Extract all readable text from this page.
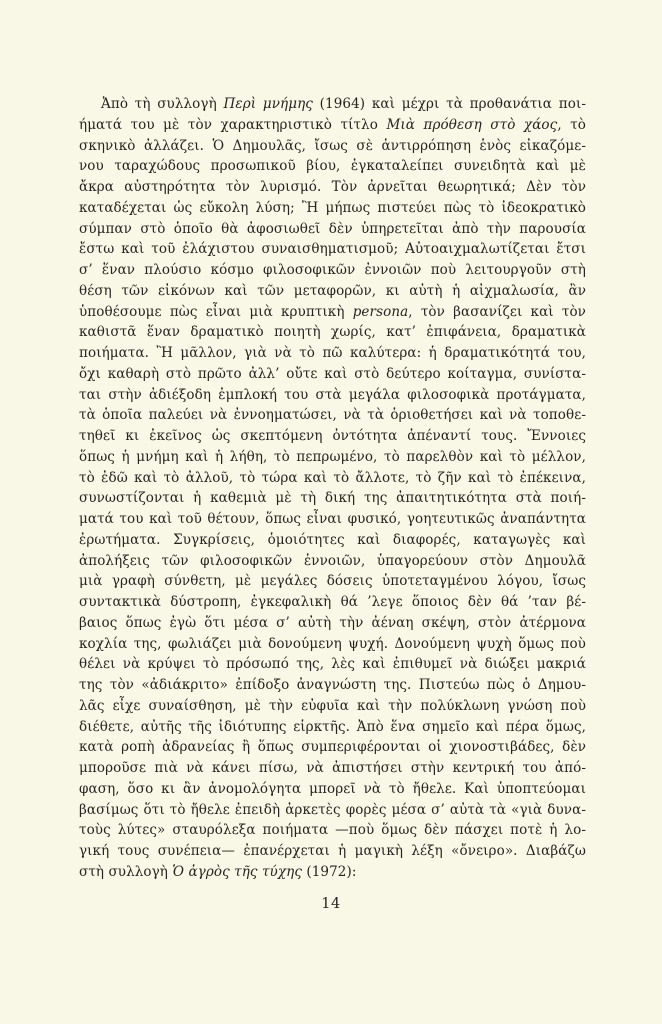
Ἀπὸ τὴ συλλογὴ Περὶ μνήμης (1964) καὶ μέχρι τὰ προθανάτια ποι-
ήματά του μὲ τὸν χαρακτηριστικὸ τίτλο Μιὰ πρόθεση στὸ χάος, τὸ
σκηνικὸ ἀλλάζει. Ὁ Δημουλᾶς, ἴσως σὲ ἀντιρρόπηση ἑνὸς εἰκαζόμε-
νου ταραχώδους προσωπικοῦ βίου, ἐγκαταλείπει συνειδητὰ καὶ μὲ
ἄκρα αὐστηρότητα τὸν λυρισμό. Τὸν ἀρνεῖται θεωρητικά; Δὲν τὸν
καταδέχεται ὡς εὔκολη λύση; Ἢ μήπως πιστεύει πὼς τὸ ἰδεοκρατικὸ
σύμπαν στὸ ὁποῖο θὰ ἀφοσιωθεῖ δὲν ὑπηρετεῖται ἀπὸ τὴν παρουσία
ἔστω καὶ τοῦ ἐλάχιστου συναισθηματισμοῦ; Αὐτοαιχμαλωτίζεται ἔτσι
σ’ ἕναν πλούσιο κόσμο φιλοσοφικῶν ἐννοιῶν ποὺ λειτουργοῦν στὴ
θέση τῶν εἰκόνων καὶ τῶν μεταφορῶν, κι αὐτὴ ἡ αἰχμαλωσία, ἂν
ὑποθέσουμε πὼς εἶναι μιὰ κρυπτικὴ persona, τὸν βασανίζει καὶ τὸν
καθιστᾶ ἕναν δραματικὸ ποιητὴ χωρίς, κατ’ ἐπιφάνεια, δραματικὰ
ποιήματα. Ἢ μᾶλλον, γιὰ νὰ τὸ πῶ καλύτερα: ἡ δραματικότητά του,
ὄχι καθαρὴ στὸ πρῶτο ἀλλ’ οὔτε καὶ στὸ δεύτερο κοίταγμα, συνίστα-
ται στὴν ἀδιέξοδη ἐμπλοκή του στὰ μεγάλα φιλοσοφικὰ προτάγματα,
τὰ ὁποῖα παλεύει νὰ ἐννοηματώσει, νὰ τὰ ὁριοθετήσει καὶ νὰ τοποθε-
τηθεῖ κι ἐκεῖνος ὡς σκεπτόμενη ὀντότητα ἀπέναντί τους. Ἔννοιες
ὅπως ἡ μνήμη καὶ ἡ λήθη, τὸ πεπρωμένο, τὸ παρελθὸν καὶ τὸ μέλλον,
τὸ ἐδῶ καὶ τὸ ἀλλοῦ, τὸ τώρα καὶ τὸ ἄλλοτε, τὸ ζῆν καὶ τὸ ἐπέκεινα,
συνωστίζονται ἡ καθεμιὰ μὲ τὴ δική της ἀπαιτητικότητα στὰ ποιή-
ματά του καὶ τοῦ θέτουν, ὅπως εἶναι φυσικό, γοητευτικῶς ἀναπάντητα
ἐρωτήματα. Συγκρίσεις, ὁμοιότητες καὶ διαφορές, καταγωγὲς καὶ
ἀπολήξεις τῶν φιλοσοφικῶν ἐννοιῶν, ὑπαγορεύουν στὸν Δημουλᾶ
μιὰ γραφὴ σύνθετη, μὲ μεγάλες δόσεις ὑποτεταγμένου λόγου, ἴσως
συντακτικὰ δύστροπη, ἐγκεφαλικὴ θά ’λεγε ὅποιος δὲν θά ’ταν βέ-
βαιος ὅπως ἐγὼ ὅτι μέσα σ’ αὐτὴ τὴν ἀέναη σκέψη, στὸν ἀτέρμονα
κοχλία της, φωλιάζει μιὰ δονούμενη ψυχή. Δονούμενη ψυχὴ ὅμως ποὺ
θέλει νὰ κρύψει τὸ πρόσωπό της, λὲς καὶ ἐπιθυμεῖ νὰ διώξει μακριά
της τὸν «ἀδιάκριτο» ἐπίδοξο ἀναγνώστη της. Πιστεύω πὼς ὁ Δημου-
λᾶς εἶχε συναίσθηση, μὲ τὴν εὐφυῖα καὶ τὴν πολύκλωνη γνώση ποὺ
διέθετε, αὐτῆς τῆς ἰδιότυπης εἱρκτῆς. Ἀπὸ ἕνα σημεῖο καὶ πέρα ὅμως,
κατὰ ροπὴ ἀδρανείας ἢ ὅπως συμπεριφέρονται οἱ χιονοστιβάδες, δὲν
μποροῦσε πιὰ νὰ κάνει πίσω, νὰ ἀπιστήσει στὴν κεντρική του ἀπό-
φαση, ὅσο κι ἂν ἀνομολόγητα μπορεῖ νὰ τὸ ἤθελε. Καὶ ὑποπτεύομαι
βασίμως ὅτι τὸ ἤθελε ἐπειδὴ ἀρκετὲς φορὲς μέσα σ’ αὐτὰ τὰ «γιὰ δυνα-
τοὺς λύτες» σταυρόλεξα ποιήματα —ποὺ ὅμως δὲν πάσχει ποτὲ ἡ λο-
γική τους συνέπεια— ἐπανέρχεται ἡ μαγικὴ λέξη «ὄνειρο». Διαβάζω
στὴ συλλογὴ Ὁ ἀγρὸς τῆς τύχης (1972):
14
